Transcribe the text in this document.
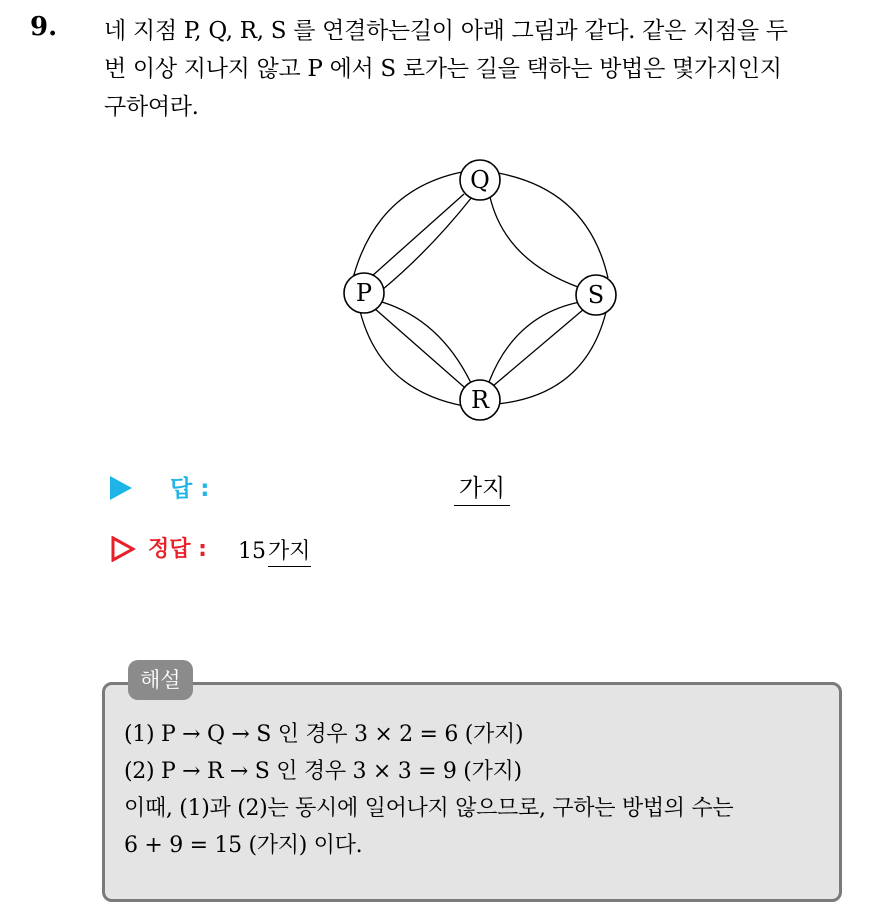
9. 네 지점 P, Q, R, S 를 연결하는길이 아래 그림과 같다. 같은 지점을 두
번 이상 지나지 않고 P 에서 S 로가는 길을 택하는 방법은 몇가지인지
구하여라.
Q
P	S
R
답 :	가지
정답 : 15가지
해설
(1) P → Q → S 인 경우 3 × 2 = 6 (가지)
(2) P → R → S 인 경우 3 × 3 = 9 (가지)
이때, (1)과 (2)는 동시에 일어나지 않으므로, 구하는 방법의 수는
6 + 9 = 15 (가지) 이다.
